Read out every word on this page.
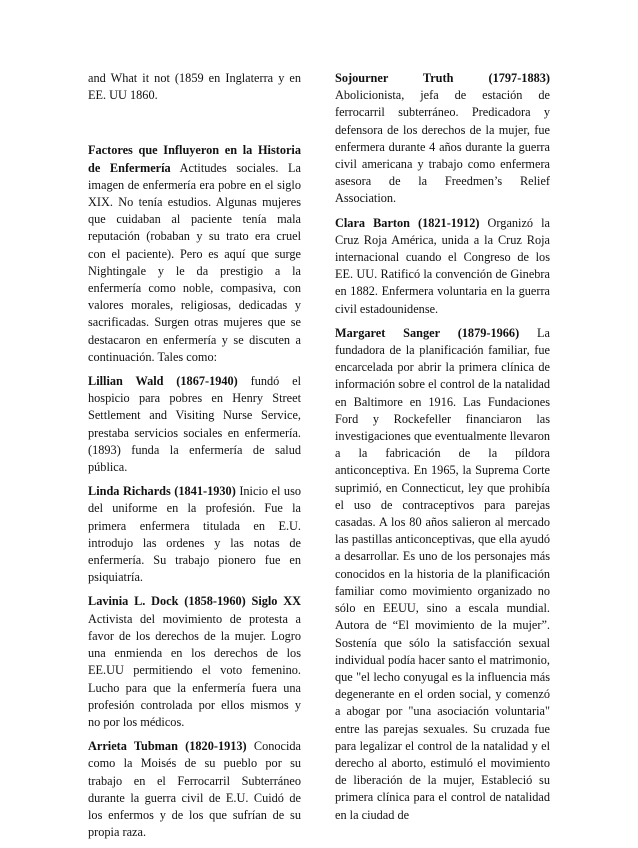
and What it not (1859 en Inglaterra y en EE. UU 1860.

Factores que Influyeron en la Historia de Enfermería Actitudes sociales. La imagen de enfermería era pobre en el siglo XIX. No tenía estudios. Algunas mujeres que cuidaban al paciente tenía mala reputación (robaban y su trato era cruel con el paciente). Pero es aquí que surge Nightingale y le da prestigio a la enfermería como noble, compasiva, con valores morales, religiosas, dedicadas y sacrificadas. Surgen otras mujeres que se destacaron en enfermería y se discuten a continuación. Tales como:

Lillian Wald (1867-1940) fundó el hospicio para pobres en Henry Street Settlement and Visiting Nurse Service, prestaba servicios sociales en enfermería. (1893) funda la enfermería de salud pública.

Linda Richards (1841-1930) Inicio el uso del uniforme en la profesión. Fue la primera enfermera titulada en E.U. introdujo las ordenes y las notas de enfermería. Su trabajo pionero fue en psiquiatría.

Lavinia L. Dock (1858-1960) Siglo XX Activista del movimiento de protesta a favor de los derechos de la mujer. Logro una enmienda en los derechos de los EE.UU permitiendo el voto femenino. Lucho para que la enfermería fuera una profesión controlada por ellos mismos y no por los médicos.

Arrieta Tubman (1820-1913) Conocida como la Moisés de su pueblo por su trabajo en el Ferrocarril Subterráneo durante la guerra civil de E.U. Cuidó de los enfermos y de los que sufrían de su propia raza.

Sojourner Truth (1797-1883) Abolicionista, jefa de estación de ferrocarril subterráneo. Predicadora y defensora de los derechos de la mujer, fue enfermera durante 4 años durante la guerra civil americana y trabajo como enfermera asesora de la Freedmen’s Relief Association.

Clara Barton (1821-1912) Organizó la Cruz Roja América, unida a la Cruz Roja internacional cuando el Congreso de los EE. UU. Ratificó la convención de Ginebra en 1882. Enfermera voluntaria en la guerra civil estadounidense.

Margaret Sanger (1879-1966) La fundadora de la planificación familiar, fue encarcelada por abrir la primera clínica de información sobre el control de la natalidad en Baltimore en 1916. Las Fundaciones Ford y Rockefeller financiaron las investigaciones que eventualmente llevaron a la fabricación de la píldora anticonceptiva. En 1965, la Suprema Corte suprimió, en Connecticut, ley que prohibía el uso de contraceptivos para parejas casadas. A los 80 años salieron al mercado las pastillas anticonceptivas, que ella ayudó a desarrollar. Es uno de los personajes más conocidos en la historia de la planificación familiar como movimiento organizado no sólo en EEUU, sino a escala mundial. Autora de “El movimiento de la mujer”. Sostenía que sólo la satisfacción sexual individual podía hacer santo el matrimonio, que "el lecho conyugal es la influencia más degenerante en el orden social, y comenzó a abogar por "una asociación voluntaria" entre las parejas sexuales. Su cruzada fue para legalizar el control de la natalidad y el derecho al aborto, estimuló el movimiento de liberación de la mujer, Estableció su primera clínica para el control de natalidad en la ciudad de
